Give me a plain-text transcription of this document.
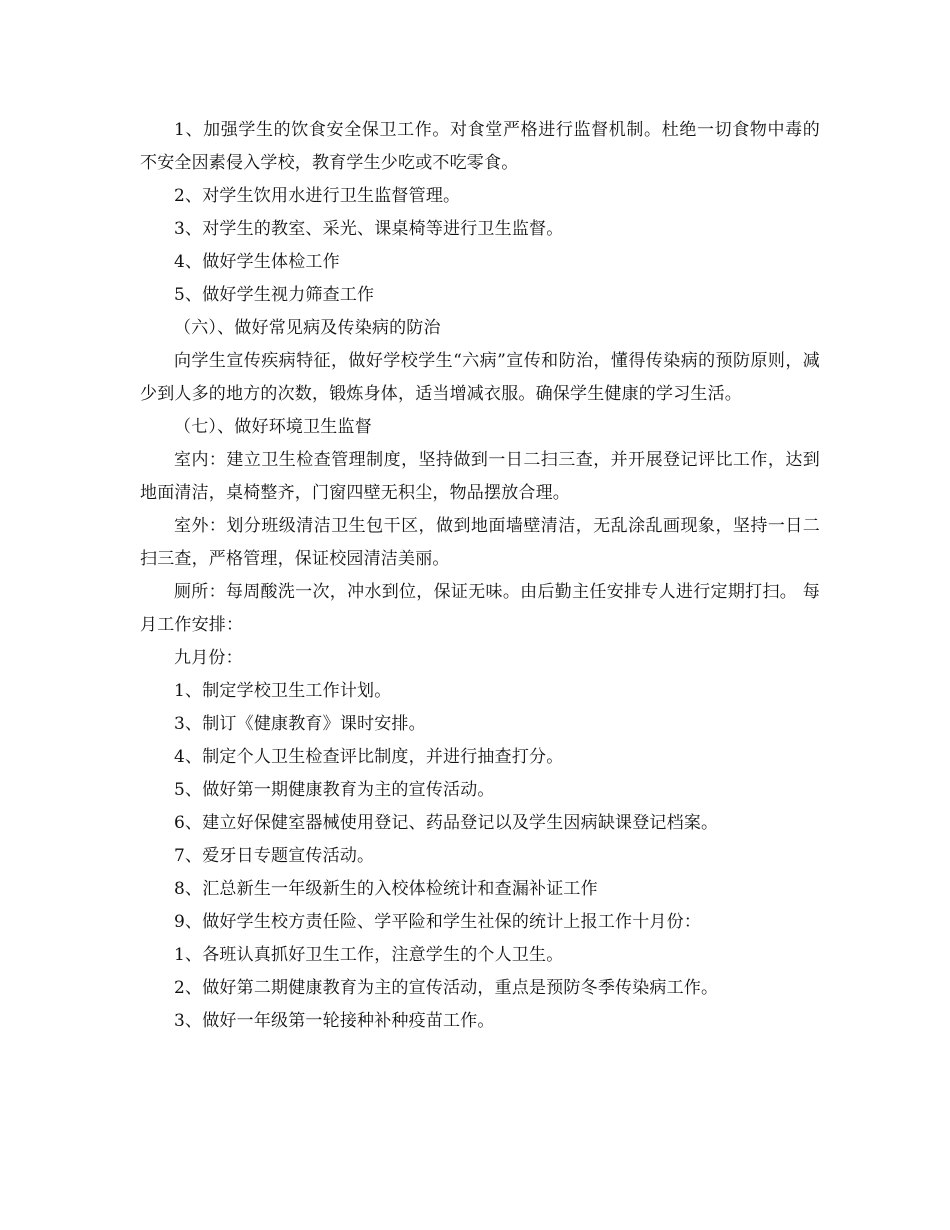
1、加强学生的饮食安全保卫工作。对食堂严格进行监督机制。杜绝一切食物中毒的不安全因素侵入学校，教育学生少吃或不吃零食。

2、对学生饮用水进行卫生监督管理。

3、对学生的教室、采光、课桌椅等进行卫生监督。

4、做好学生体检工作

5、做好学生视力筛查工作

（六）、做好常见病及传染病的防治

向学生宣传疾病特征，做好学校学生“六病”宣传和防治，懂得传染病的预防原则，减少到人多的地方的次数，锻炼身体，适当增减衣服。确保学生健康的学习生活。

（七）、做好环境卫生监督

室内：建立卫生检查管理制度，坚持做到一日二扫三查，并开展登记评比工作，达到地面清洁，桌椅整齐，门窗四壁无积尘，物品摆放合理。

室外：划分班级清洁卫生包干区，做到地面墙壁清洁，无乱涂乱画现象，坚持一日二扫三查，严格管理，保证校园清洁美丽。

厕所：每周酸洗一次，冲水到位，保证无味。由后勤主任安排专人进行定期打扫。 每月工作安排：

九月份：

1、制定学校卫生工作计划。

3、制订《健康教育》课时安排。

4、制定个人卫生检查评比制度，并进行抽查打分。

5、做好第一期健康教育为主的宣传活动。

6、建立好保健室器械使用登记、药品登记以及学生因病缺课登记档案。

7、爱牙日专题宣传活动。

8、汇总新生一年级新生的入校体检统计和查漏补证工作

9、做好学生校方责任险、学平险和学生社保的统计上报工作十月份：

1、各班认真抓好卫生工作，注意学生的个人卫生。

2、做好第二期健康教育为主的宣传活动，重点是预防冬季传染病工作。

3、做好一年级第一轮接种补种疫苗工作。
